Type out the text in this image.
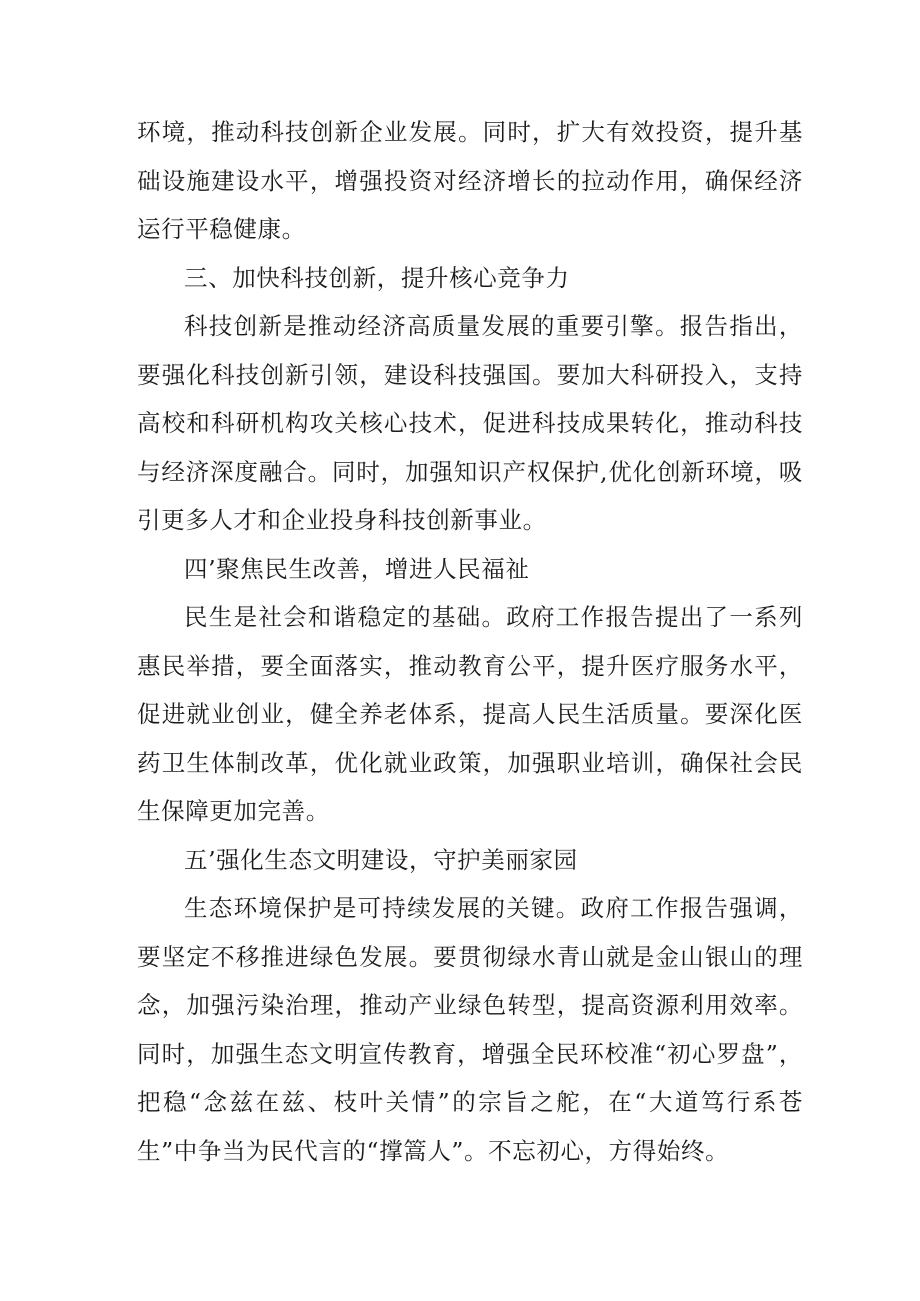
环境，推动科技创新企业发展。同时，扩大有效投资，提升基础设施建设水平，增强投资对经济增长的拉动作用，确保经济运行平稳健康。

三、加快科技创新，提升核心竞争力

科技创新是推动经济高质量发展的重要引擎。报告指出，要强化科技创新引领，建设科技强国。要加大科研投入，支持高校和科研机构攻关核心技术，促进科技成果转化，推动科技与经济深度融合。同时，加强知识产权保护,优化创新环境，吸引更多人才和企业投身科技创新事业。

四’聚焦民生改善，增进人民福祉

民生是社会和谐稳定的基础。政府工作报告提出了一系列惠民举措，要全面落实，推动教育公平，提升医疗服务水平，促进就业创业，健全养老体系，提高人民生活质量。要深化医药卫生体制改革，优化就业政策，加强职业培训，确保社会民生保障更加完善。

五’强化生态文明建设，守护美丽家园

生态环境保护是可持续发展的关键。政府工作报告强调，要坚定不移推进绿色发展。要贯彻绿水青山就是金山银山的理念，加强污染治理，推动产业绿色转型，提高资源利用效率。同时，加强生态文明宣传教育，增强全民环校准“初心罗盘”，把稳“念兹在兹、枝叶关情”的宗旨之舵，在“大道笃行系苍生”中争当为民代言的“撑篙人”。不忘初心，方得始终。
